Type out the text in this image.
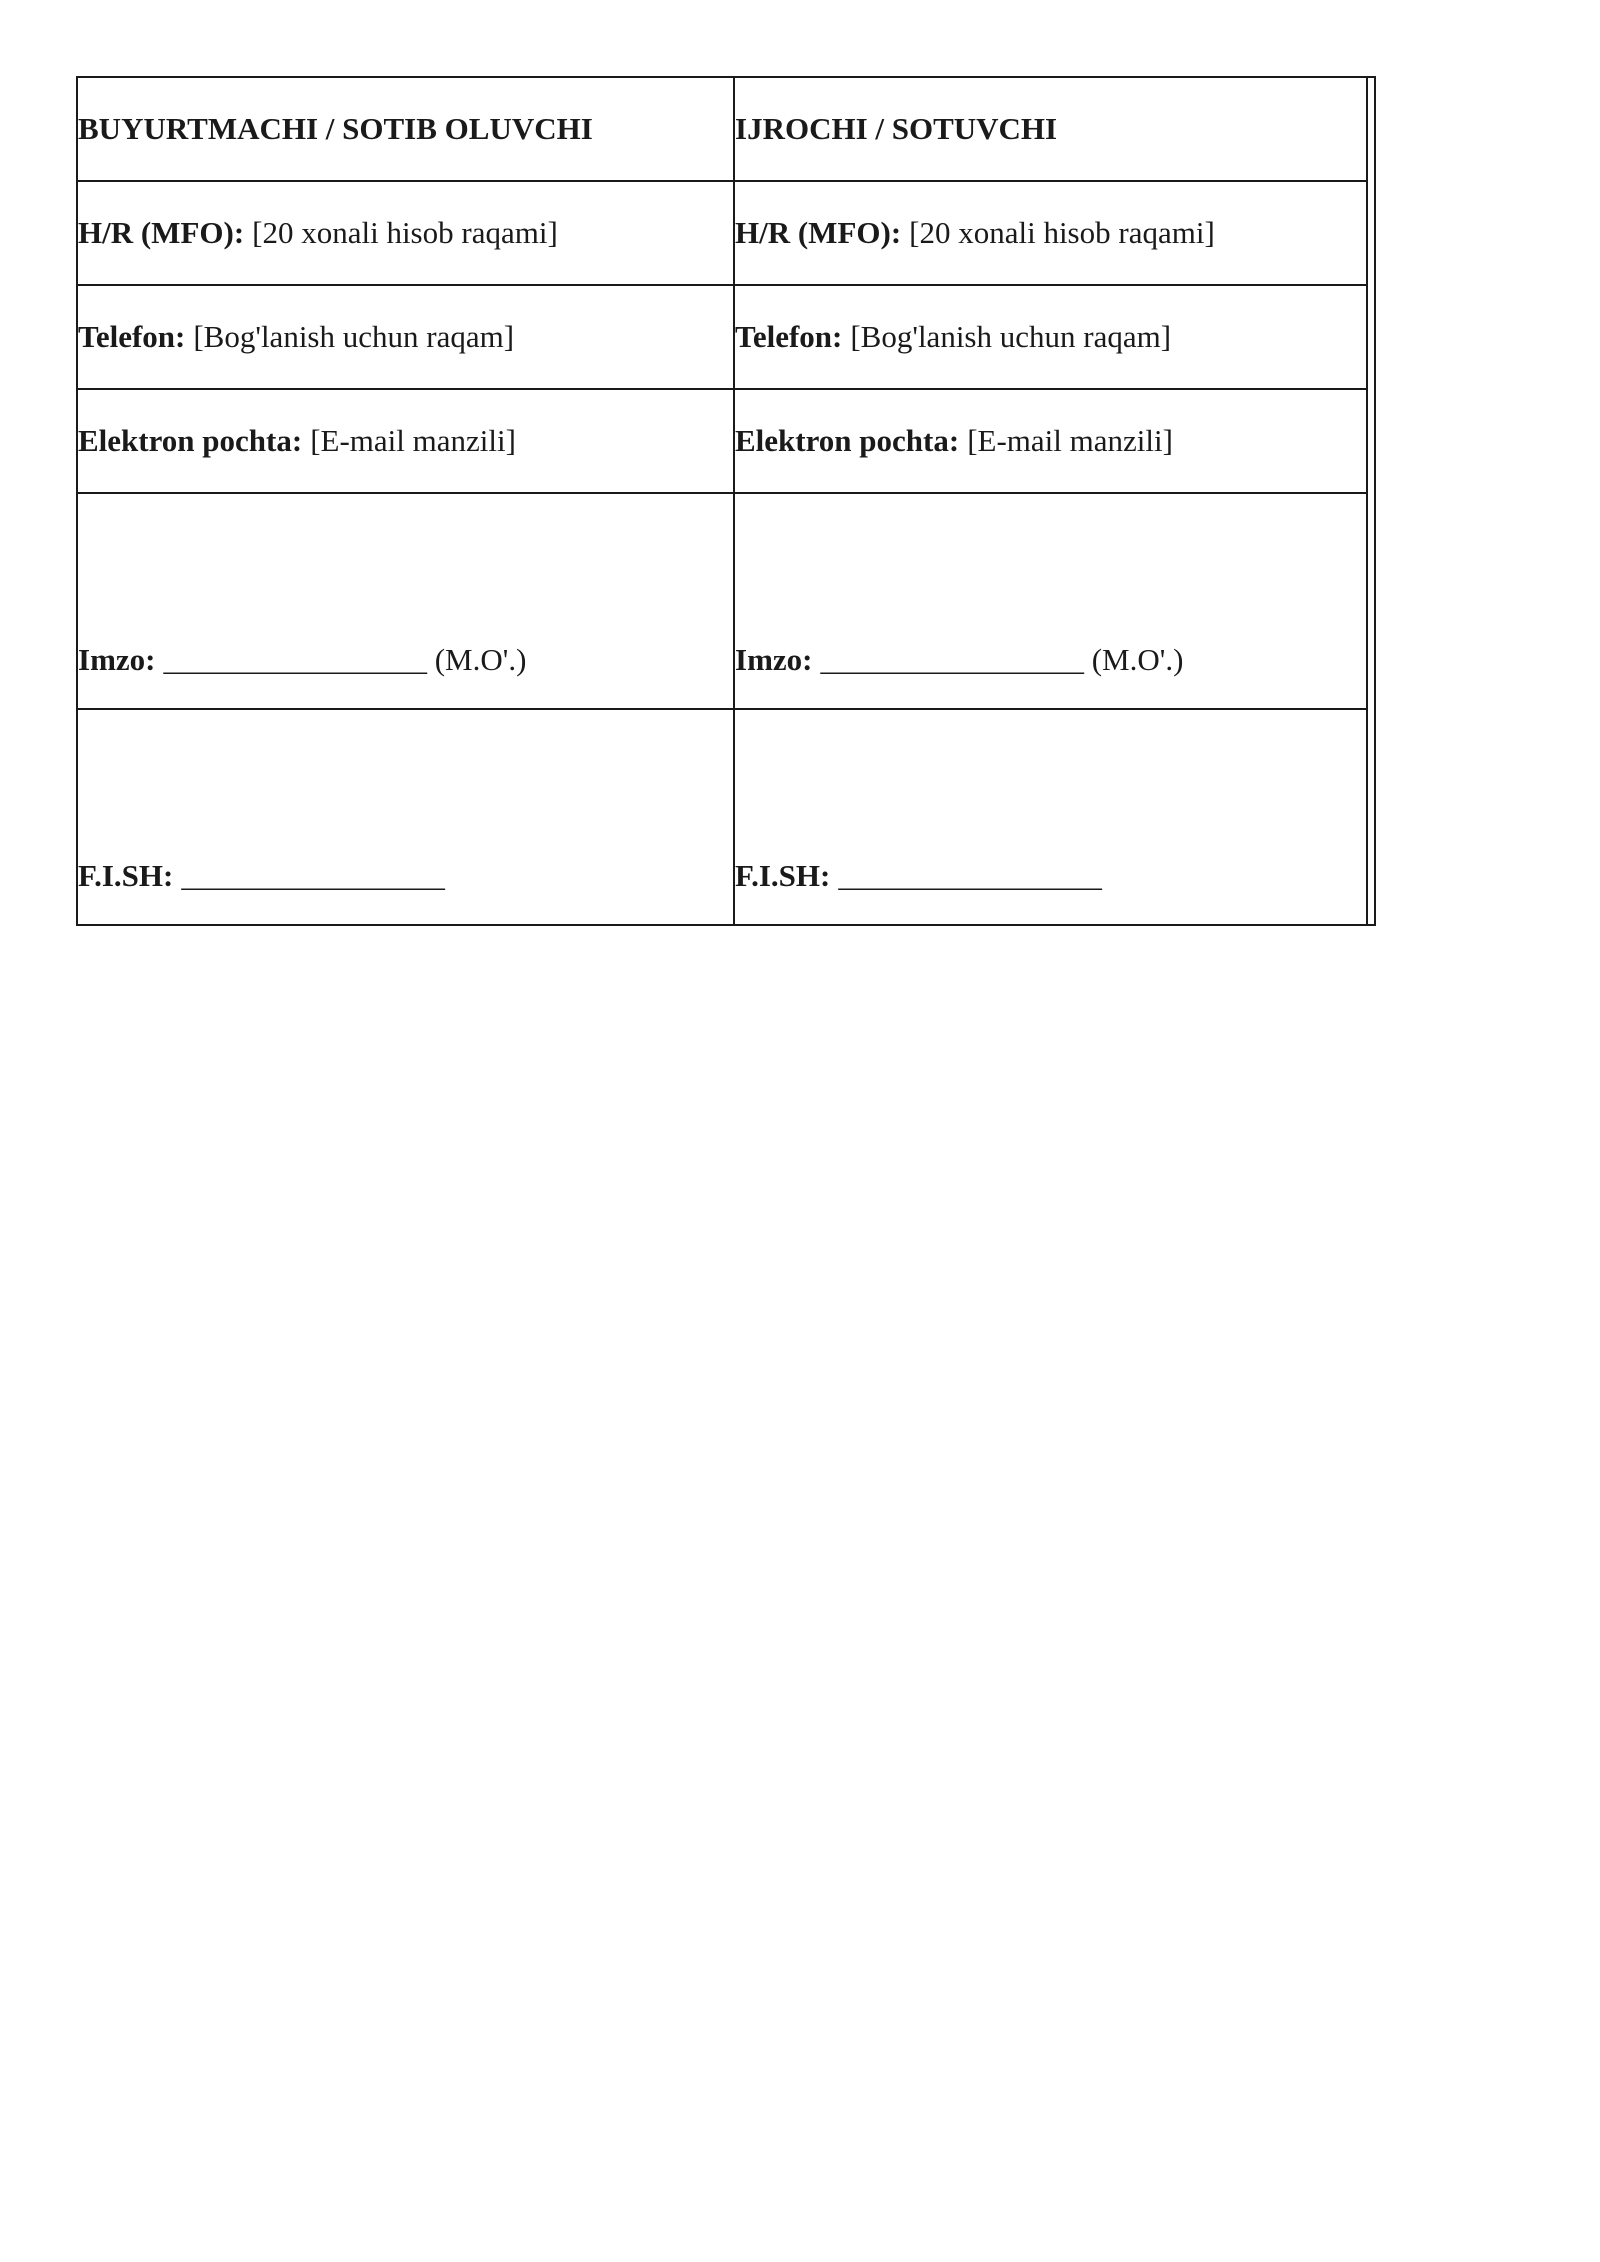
BUYURTMACHI / SOTIB OLUVCHI	IJROCHI / SOTUVCHI
H/R (MFO): [20 xonali hisob raqami]	H/R (MFO): [20 xonali hisob raqami]
Telefon: [Bog'lanish uchun raqam]	Telefon: [Bog'lanish uchun raqam]
Elektron pochta: [E-mail manzili]	Elektron pochta: [E-mail manzili]
Imzo: _________________ (M.O'.)	Imzo: _________________ (M.O'.)
F.I.SH: _________________	F.I.SH: _________________
